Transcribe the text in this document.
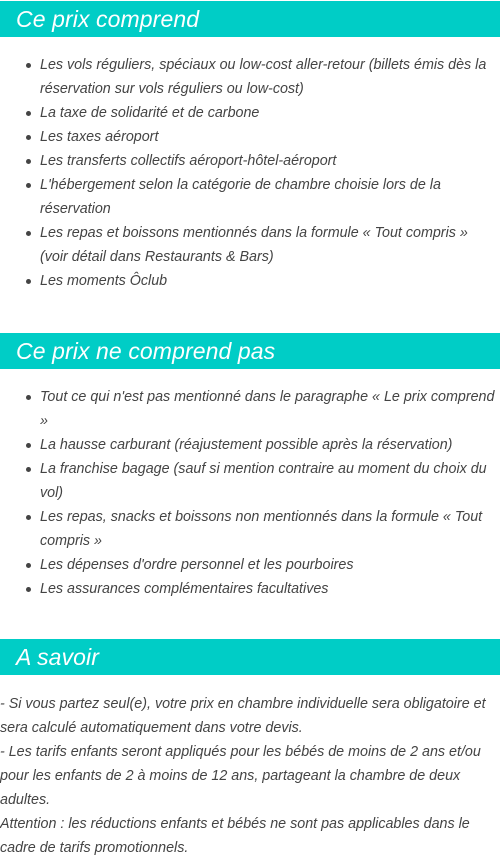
Ce prix comprend
Les vols réguliers, spéciaux ou low-cost aller-retour (billets émis dès la réservation sur vols réguliers ou low-cost)
La taxe de solidarité et de carbone
Les taxes aéroport
Les transferts collectifs aéroport-hôtel-aéroport
L'hébergement selon la catégorie de chambre choisie lors de la réservation
Les repas et boissons mentionnés dans la formule « Tout compris » (voir détail dans Restaurants & Bars)
Les moments Ôclub
Ce prix ne comprend pas
Tout ce qui n'est pas mentionné dans le paragraphe « Le prix comprend »
La hausse carburant (réajustement possible après la réservation)
La franchise bagage (sauf si mention contraire au moment du choix du vol)
Les repas, snacks et boissons non mentionnés dans la formule « Tout compris »
Les dépenses d'ordre personnel et les pourboires
Les assurances complémentaires facultatives
A savoir

- Si vous partez seul(e), votre prix en chambre individuelle sera obligatoire et sera calculé automatiquement dans votre devis.

- Les tarifs enfants seront appliqués pour les bébés de moins de 2 ans et/ou pour les enfants de 2 à moins de 12 ans, partageant la chambre de deux adultes.

Attention : les réductions enfants et bébés ne sont pas applicables dans le cadre de tarifs promotionnels.
